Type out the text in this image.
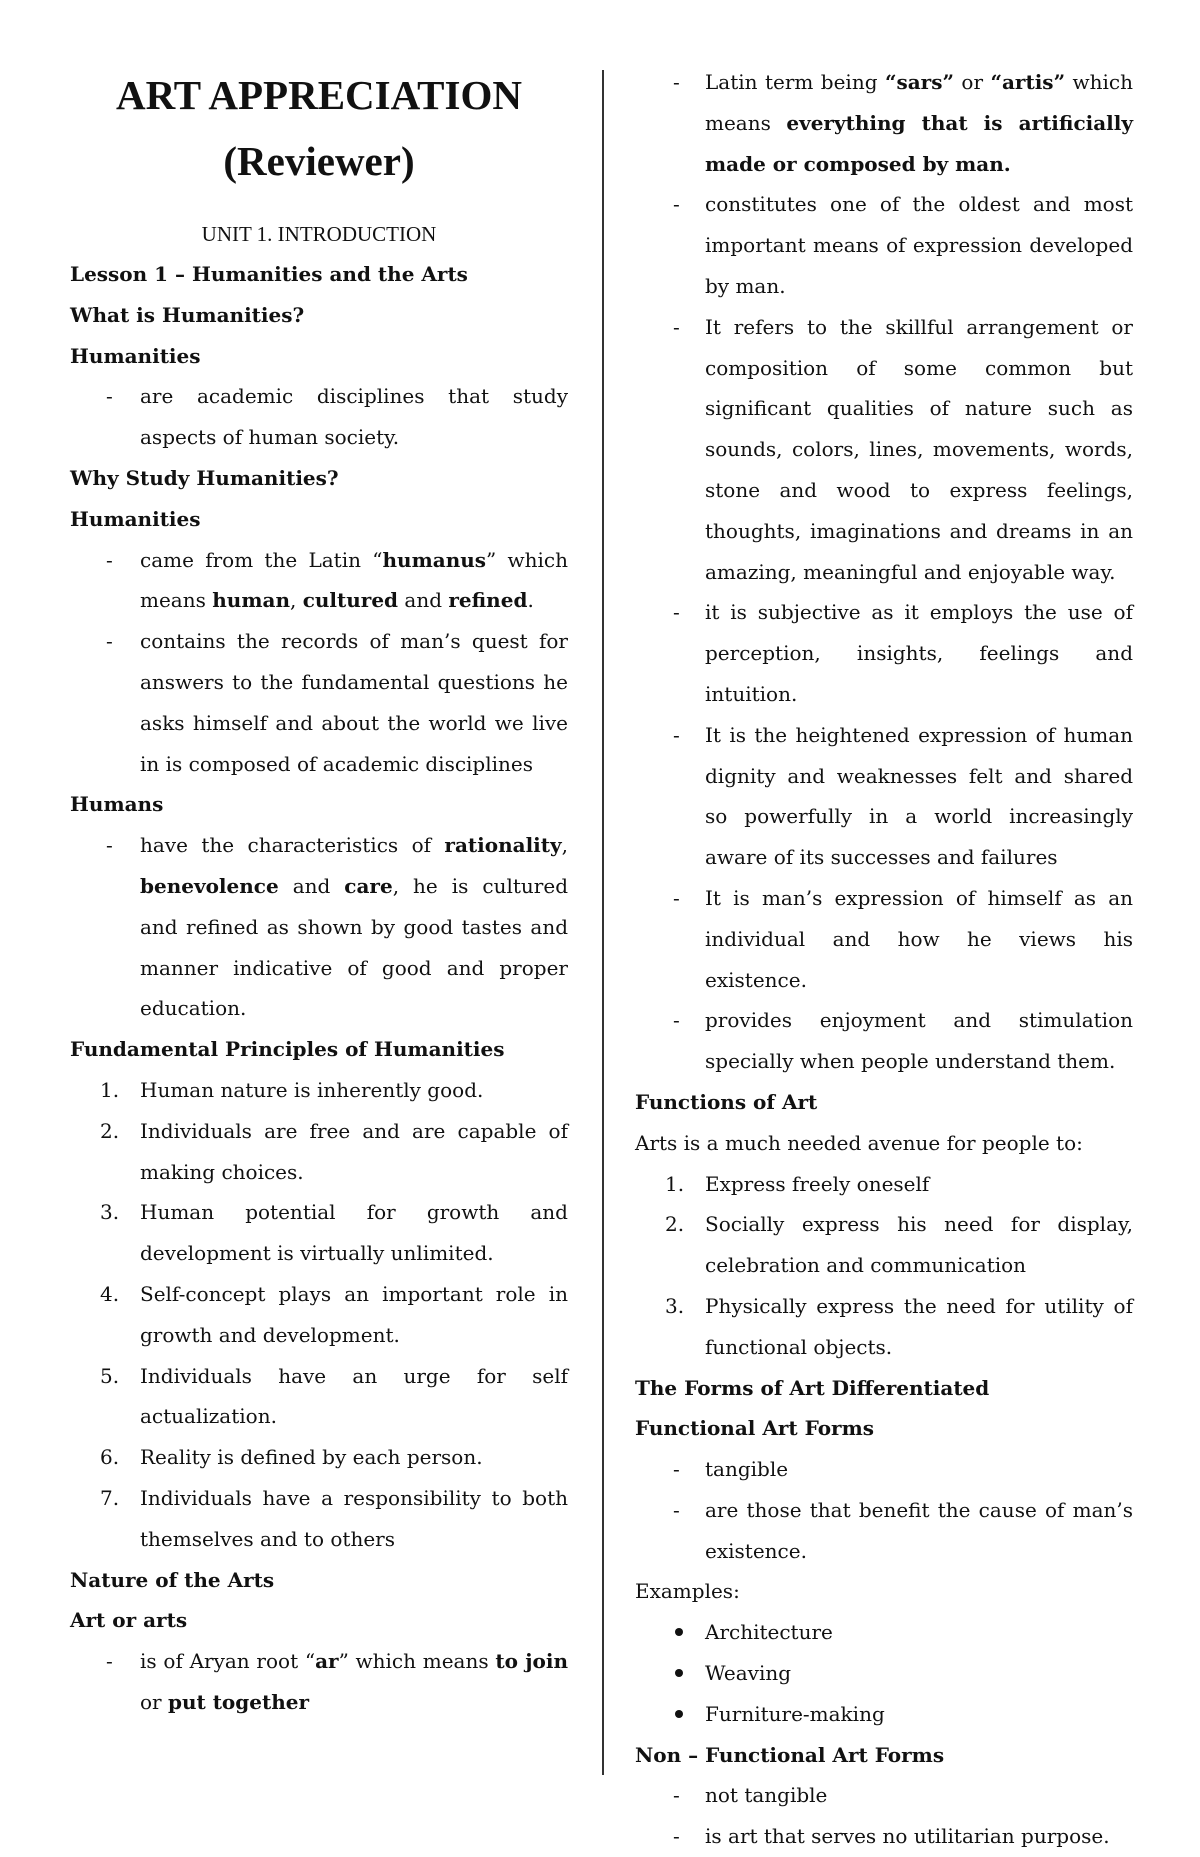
ART APPRECIATION
(Reviewer)
UNIT 1. INTRODUCTION

Lesson 1 – Humanities and the Arts

What is Humanities?

Humanities

-	are academic disciplines that study aspects of human society.

Why Study Humanities?

Humanities

-	came from the Latin “humanus” which means human, cultured and refined.
-	contains the records of man’s quest for answers to the fundamental questions he asks himself and about the world we live in is composed of academic disciplines

Humans

-	have the characteristics of rationality, benevolence and care, he is cultured and refined as shown by good tastes and manner indicative of good and proper education.

Fundamental Principles of Humanities

1.	Human nature is inherently good.
2.	Individuals are free and are capable of making choices.
3.	Human potential for growth and development is virtually unlimited.
4.	Self-concept plays an important role in growth and development.
5.	Individuals have an urge for self actualization.
6.	Reality is defined by each person.
7.	Individuals have a responsibility to both themselves and to others

Nature of the Arts

Art or arts

-	is of Aryan root “ar” which means to join or put together
-	Latin term being “sars” or “artis” which means everything that is artificially made or composed by man.
-	constitutes one of the oldest and most important means of expression developed by man.
-	It refers to the skillful arrangement or composition of some common but significant qualities of nature such as sounds, colors, lines, movements, words, stone and wood to express feelings, thoughts, imaginations and dreams in an amazing, meaningful and enjoyable way.
-	it is subjective as it employs the use of perception, insights, feelings and intuition.
-	It is the heightened expression of human dignity and weaknesses felt and shared so powerfully in a world increasingly aware of its successes and failures
-	It is man’s expression of himself as an individual and how he views his existence.
-	provides enjoyment and stimulation specially when people understand them.

Functions of Art

Arts is a much needed avenue for people to:

1.	Express freely oneself
2.	Socially express his need for display, celebration and communication
3.	Physically express the need for utility of functional objects.

The Forms of Art Differentiated

Functional Art Forms

-	tangible
-	are those that benefit the cause of man’s existence.

Examples:

Architecture
Weaving
Furniture-making

Non – Functional Art Forms

-	not tangible
-	is art that serves no utilitarian purpose.
